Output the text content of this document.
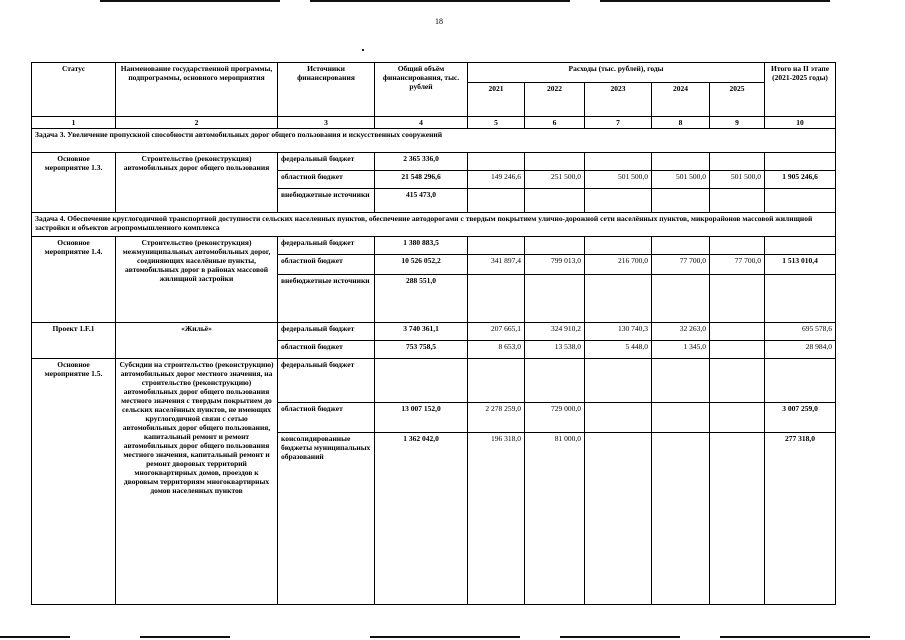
18
Статус	Наименование государственной программы, подпрограммы, основного мероприятия	Источники финансирования	Общий объём финансирования, тыс. рублей	Расходы (тыс. рублей), годы					Итого на II этапе (2021-2025 годы)
				2021	2022	2023	2024	2025	
1	2	3	4	5	6	7	8	9	10
Задача 3. Увеличение пропускной способности автомобильных дорог общего пользования и искусственных сооружений									
Основное мероприятие 1.3.	Строительство (реконструкция) автомобильных дорог общего пользования	федеральный бюджет	2 365 336,0						
		областной бюджет	21 548 296,6	149 246,6	251 500,0	501 500,0	501 500,0	501 500,0	1 905 246,6
		внебюджетные источники	415 473,0						
Задача 4. Обеспечение круглогодичной транспортной доступности сельских населенных пунктов, обеспечение автодорогами с твердым покрытием улично-дорожной сети населённых пунктов, микрорайонов массовой жилищной застройки и объектов агропромышленного комплекса									
Основное мероприятие 1.4.	Строительство (реконструкция) межмуниципальных автомобильных дорог, соединяющих населённые пункты, автомобильных дорог в районах массовой жилищной застройки	федеральный бюджет	1 380 883,5						
		областной бюджет	10 526 052,2	341 897,4	799 013,0	216 700,0	77 700,0	77 700,0	1 513 010,4
		внебюджетные источники	288 551,0						
Проект 1.F.1	«Жильё»	федеральный бюджет	3 740 361,1	207 665,1	324 910,2	130 740,3	32 263,0		695 578,6
		областной бюджет	753 758,5	8 653,0	13 538,0	5 448,0	1 345,0		28 984,0
Основное мероприятие 1.5.	Субсидии на строительство (реконструкцию) автомобильных дорог местного значения, на строительство (реконструкцию) автомобильных дорог общего пользования местного значения с твердым покрытием до сельских населённых пунктов, не имеющих круглогодичной связи с сетью автомобильных дорог общего пользования, капитальный ремонт и ремонт автомобильных дорог общего пользования местного значения, капитальный ремонт и ремонт дворовых территорий многоквартирных домов, проездов к дворовым территориям многоквартирных домов населенных пунктов	федеральный бюджет							
		областной бюджет	13 007 152,0	2 278 259,0	729 000,0				3 007 259,0
		консолидированные бюджеты муниципальных образований	1 362 042,0	196 318,0	81 000,0				277 318,0
